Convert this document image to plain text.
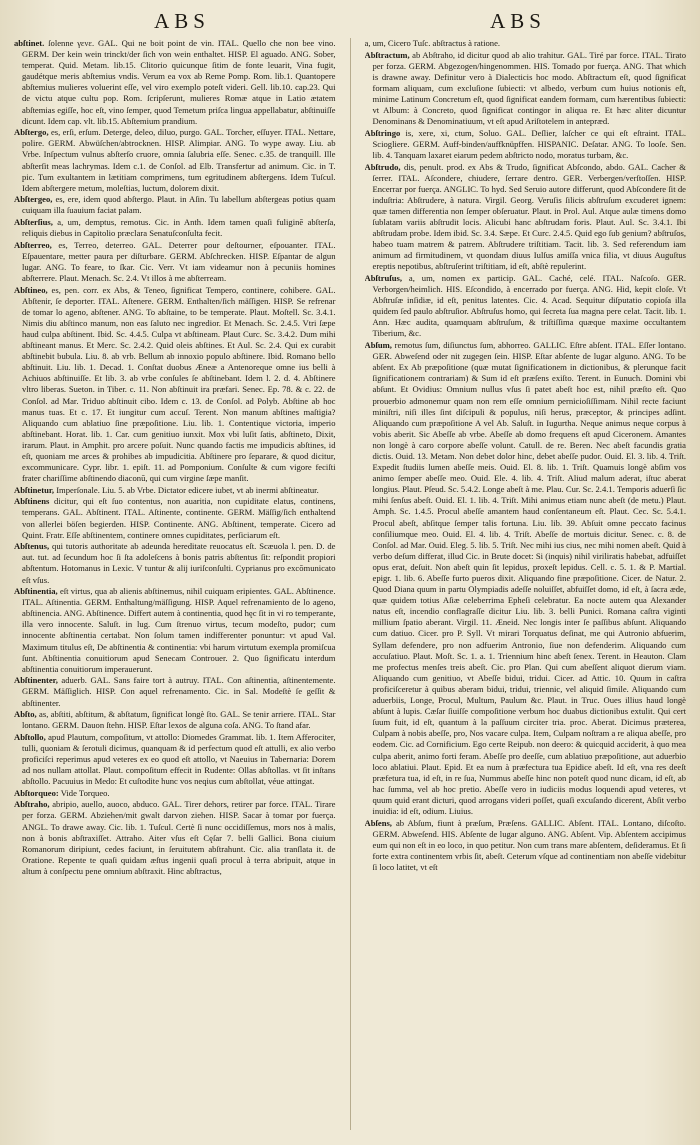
ABS	ABS

abſtinet. ſolenne γενε. GAL. Qui ne boit point de vin. ITAL. Quello che non bee vino. GERM. Der kein wein trinckt/der ſich von wein enthaltet. HISP. El aguado. ANG. Sober, temperat. Quid. Metam. lib.15. Clitorio quicunque ſitim de fonte leuarit, Vina fugit, gaudétque meris abſtemius vndis. Verum ea vox ab Reme Pomp. Rom. lib.1. Quantopere abſtemius mulieres voluerint eſſe, vel viro exemplo poteſt videri. Gell. lib.10. cap.23. Qui de victu atque cultu pop. Rom. ſcripſerunt, mulieres Romæ atque in Latio ætatem abſtemias egiſſe, hoc eſt, vino ſemper, quod Temetum priſca lingua appellabatur, abſtinuiſſe dicunt. Idem cap. vlt. lib.15. Abſtemium prandium.

Abſtergo, es, erſi, erſum. Deterge, deleo, diluo, purgo. GAL. Torcher, eſſuyer. ITAL. Nettare, polire. GERM. Abwüſchen/abtrocknen. HISP. Alimpiar. ANG. To wype away. Liu. ab Vrbe. Inſpectum vulnus abſterſo cruore, omnia ſalubria eſſe. Senec. c.35. de tranquill. Ille abſterſit meas lachrymas. Idem c.1. de Conſol. ad Elb. Transfertur ad animum. Cic. in T. pic. Tum exultantem in lætitiam comprimens, tum egritudinem abſtergens. Idem Tuſcul. Idem abſtergere metum, moleſtias, luctum, dolorem dixit.

Abſtergeo, es, ere, idem quod abſtergo. Plaut. in Aſin. Tu labellum abſtergeas potius quam cuiquam illa ſuauium faciat palam.

Abſterſius, a, um, demptus, remotus. Cic. in Anth. Idem tamen quaſi fuliginē abſterſa, reliquis diebus in Capitolio præclara Senatuſconſulta fecit.

Abſterreo, es, Terreo, deterreo. GAL. Deterrer pour deſtourner, eſpouanter. ITAL. Eſpauentare, metter paura per diſturbare. GERM. Abſchrecken. HISP. Eſpantar de algun lugar. ANG. To feare, to ſkar. Cic. Verr. Vt iam videamur non à pecuniis homines abſterrere. Plaut. Menach. Sc. 2.4. Vt illos à me abſterream.

Abſtineo, es, pen. corr. ex Abs, & Teneo, ſignificat Tempero, continere, cohibere. GAL. Abſtenir, ſe deporter. ITAL. Aſtenere. GERM. Enthalten/ſich mäſſigen. HISP. Se refrenar de tomar lo ageno, abſtener. ANG. To abſtaine, to be temperate. Plaut. Moſtell. Sc. 3.4.1. Nimis diu abſtinco manum, non eas ſaluto nec ingredior. Et Menach. Sc. 2.4.5. Vtri ſæpe haud culpa abſtinent. Ibid. Sc. 4.4.5. Culpa vt abſtineam. Plaut Curc. Sc. 3.4.2. Dum mihi abſtineant manus. Et Merc. Sc. 2.4.2. Quid oleis abſtines. Et Aul. Sc. 2.4. Qui ex curabit abſtinebit bubula. Liu. 8. ab vrb. Bellum ab innoxio populo abſtinere. Ibid. Romano bello abſtinuit. Liu. lib. 1. Decad. 1. Conſtat duobus Æneæ a Antenoreque omne ius belli à Achiuos abſtinuiſſe. Et lib. 3. ab vrbe conſules ſe abſtinebant. Idem l. 2. d. 4. Abſtinere vltro liberas. Sueton. in Tiber. c. 11. Non abſtinuit ira præfari. Senec. Ep. 78. & c. 22. de Conſol. ad Mar. Triduo abſtinuit cibo. Idem c. 13. de Conſol. ad Polyb. Abſtine ab hoc manus tuas. Et c. 17. Et iungitur cum accuſ. Terent. Non manum abſtines maſtigia? Aliquando cum ablatiuo ſine præpoſitione. Liu. lib. 1. Contentique victoria, imperio abſtinebant. Horat. lib. 1. Car. cum genitiuo iunxit. Mox vbi luſit ſatis, abſtineto, Dixit, irarum. Plaut. in Amphit. pro arcere poſuit. Nunc quando factis me impudicis abſtines, id eſt, quoniam me arces & prohibes ab impudicitia. Abſtinere pro ſeparare, & quod dicitur, excommunicare. Cypr. libr. 1. epiſt. 11. ad Pomponium. Conſulte & cum vigore feciſti frater chariſſime abſtinendo diaconū, qui cum virgine ſæpe manſit.

Abſtinetur, Imperſonale. Liu. 5. ab Vrbe. Dictator edicere iubet, vt ab inermi abſtineatur.

Abſtinens dicitur, qui eſt ſuo contentus, non auaritia, non cupiditate elatus, continens, temperans. GAL. Abſtinent. ITAL. Aſtinente, continente. GERM. Mäſſig/ſich enthaltend von allerlei böſen begierden. HISP. Continente. ANG. Abſtinent, temperate. Cicero ad Quint. Fratr. Eſſe abſtinentem, continere omnes cupiditates, perſiciarum eſt.

Abſtenus, qui tutoris authoritate ab adeunda hereditate reuocatus eſt. Scæuola l. pen. D. de aut. tut. ad ſecundum hoc ſi ſta adoleſcens à bonis patris abſtentus ſit: reſpondit propiori abſtentum. Hotomanus in Lexic. V tuntur & alij iuriſconſulti. Cyprianus pro excōmunicato eſt vſus.

Abſtinentia, eſt virtus, qua ab alienis abſtinemus, nihil cuiquam eripientes. GAL. Abſtinence. ITAL. Aſtinentia. GERM. Enthaltung/mäſſigung. HISP. Aquel refrenamiento de lo ageno, abſtinencia. ANG. Abſtinence. Differt autem à continentia, quod hęc ſit in vi ro temperante, illa vero innocente. Saluſt. in lug. Cum ſtrenuo virtus, tecum modeſto, pudor; cum innocente abſtinentia certabat. Non ſolum tamen indifferenter ponuntur: vt apud Val. Maximum titulus eſt, De abſtinentia & continentia: vbi harum virtutum exempla promiſcua ſunt. Abſtinentia conuitiorum apud Senecam Controuer. 2. Quo ſignificatu interdum abſtinentia conuitiorum imperauerunt.

Abſtinenter, aduerb. GAL. Sans faire tort à autruy. ITAL. Con aſtinentia, aſtinentemente. GERM. Mäſſiglich. HISP. Con aquel refrenamento. Cic. in Sal. Modeſtè ſe geſſit & abſtinenter.

Abſto, as, abſtiti, abſtitum, & abſtatum, ſignificat longè ſto. GAL. Se tenir arriere. ITAL. Star lontano. GERM. Dauon ſtehn. HISP. Eſtar lexos de alguna coſa. ANG. To ſtand afar.

Abſtollo, apud Plautum, compoſitum, vt attollo: Diomedes Grammat. lib. 1. Item Afferociter, tulli, quoniam & ſerotuli dicimus, quanquam & id perfectum quod eſt attulli, ex alio verbo proficiſci reperimus apud veteres ex eo quod eſt attollo, vt Naeuius in Tabernaria: Dorem ad nos nullam attollat. Plaut. compoſitum effecit in Rudente: Ollas abſtollas. vt ſit inſtans abſtollo. Pacuuius in Medo: Et cuſtodite hunc vos neqius cum abſtollat, véue attingat.

Abſtorqueo: Vide Torqueo.

Abſtraho, abripio, auello, auoco, abduco. GAL. Tirer dehors, retirer par force. ITAL. Tirare per forza. GERM. Abziehen/mit gwalt darvon ziehen. HISP. Sacar à tomar por fuerça. ANGL. To drawe away. Cic. lib. 1. Tuſcul. Certè ſi nunc occidiſſemus, mors nos à malis, non à bonis abſtraxiſſet. Attraho. Aiter vſus eſt Cęſar 7. belli Gallici. Bona ciuium Romanorum diripiunt, cedes faciunt, in ſeruitutem abſtrahunt. Cic. alia tranſlata it. de Oratione. Repente te quaſi quidam æſtus ingenii quaſi procul à terra abripuit, atque in altum à conſpectu pene omnium abſtraxit. Hinc abſtractus,

a, um, Cicero Tuſc. abſtractus à ratione.

Abſtractum, ab Abſtraho, id dicitur quod ab alio trahitur. GAL. Tiré par force. ITAL. Tirato per forza. GERM. Abgezogen/hingenommen. HIS. Tomado por fuerça. ANG. That which is drawne away. Definitur vero à Dialecticis hoc modo. Abſtractum eſt, quod ſignificat formam aliquam, cum excluſione ſubiecti: vt albedo, verbum cum huius notionis eſt, minime Latinum Concretum eſt, quod ſignificat eandem formam, cum hærentibus ſubiecti: vt Album: à Concreto, quod ſignificat contingor in aliqua re. Et hæc aliter dicuntur Denominans & Denominatiuum, vt eſt apud Ariſtotelem in antepræd.

Abſtringo is, xere, xi, ctum, Soluo. GAL. Deſlier, laſcher ce qui eſt eſtraint. ITAL. Sciogliere. GERM. Auff-binden/auffknüpffen. HISPANIC. Deſatar. ANG. To looſe. Sen. lib. 4. Tanquam laxaret eiarum pedem abſtricto nodo, moratus turbam, &c.

Abſtrudo, dis, penult. prod. ex Abs & Trudo, ſignificat Abſcondo, abdo. GAL. Cacher & ſerrer. ITAL. Aſcondere, chiudere, ſerrare dentro. GER. Verbergen/verſtoſſen. HISP. Encerrar por fuerça. ANGLIC. To hyd. Sed Seruio autore differunt, quod Abſcondere ſit de induſtria: Abſtrudere, à natura. Virgil. Georg. Veruſis ſilicis abſtruſum excuderet ignem: quæ tamen differentia non ſemper obſeruatur. Plaut. in Prol. Aul. Atque aulæ timens domo ſublatam variis abſtrudit locis. Alicubi hanc abſtrudam foris. Plaut. Aul. Sc. 3.4.1. Ibi abſtrudam probe. Idem ibid. Sc. 3.4. Sæpe. Et Curc. 2.4.5. Quid ego ſub genium? abſtruſos, habeo tuam matrem & patrem. Abſtrudere triſtitiam. Tacit. lib. 3. Sed referendum iam animum ad firmitudinem, vt quondam diuus Iulſus amiſſa vnica filia, vt diuus Auguſtus ereptis nepotibus, abſtruſerint triſtitiam, id eſt, abſtè repulerint.

Abſtruſus, a, um, nomen ex particip. GAL. Caché, celé. ITAL. Naſcoſo. GER. Verborgen/heimlich. HIS. Eſcondido, à encerrado por fuerça. ANG. Hid, kepit cloſe. Vt Abſtruſæ inſidiæ, id eſt, penitus latentes. Cic. 4. Acad. Sequitur diſputatio copioſa illa quidem ſed paulo abſtruſior. Abſtruſus homo, qui ſecreta ſua magna pere celat. Tacit. lib. 1. Ann. Hæc audita, quamquam abſtruſum, & triſtiſſima quæque maxime occultantem Tiberium, &c.

Abſum, remotus ſum, diſiunctus ſum, abhorreo. GALLIC. Eſtre abſent. ITAL. Eſſer lontano. GER. Abweſend oder nit zugegen ſein. HISP. Eſtar abſente de lugar alguno. ANG. To be abſent. Ex Ab præpoſitione (quæ mutat ſignificationem in dictionibus, & plerunque facit ſignificationem contrariam) & Sum id eſt præſens exiſto. Terent. in Eunuch. Domini vbi abſunt. Et Ovidius: Omnium nullus vſus ſi patet abeſt hoc est, nihil præſto eſt. Quo prouerbio admonemur quam non rem eſſe omnium pernicioſiſſimam. Nihil recte faciunt miniſtri, niſi illes ſint diſcipuli & populus, niſi herus, præceptor, & principes adſint. Aliquando cum præpoſitione A vel Ab. Saluſt. in Iugurtha. Neque animus neque corpus à vobis aberit. Sic Abeſſe ab vrbe. Abeſſe ab domo frequens eſt apud Ciceronem. Amantes non longè à caro corpore abeſſe volunt. Catull. de re. Beren. Nec abeſt facundis gratia dictis. Ouid. 13. Metam. Non debet dolor hinc, debet abeſſe pudor. Ouid. El. 3. lib. 4. Triſt. Expedit ſtudiis lumen abeſſe meis. Ouid. El. 8. lib. 1. Triſt. Quamuis longè abſim vos animo ſemper abeſſe meo. Ouid. Ele. 4. lib. 4. Triſt. Aliud malum aderat, iſtuc aberat longius. Plaut. Pſeud. Sc. 5.4.2. Longe abeſt à me. Plau. Cur. Sc. 2.4.1. Temporis aduerſi ſic mihi ſenſus abeſt. Ouid. El. 1. lib. 4. Triſt. Mihi animus etiam nunc abeſt (de metu.) Plaut. Amph. Sc. 1.4.5. Procul abeſſe amantem haud conſentaneum eſt. Plaut. Cec. Sc. 5.4.1. Procul abeſt, abſitque ſemper talis fortuna. Liu. lib. 39. Abſuit omne peccato facinus conſiliumque meo. Ouid. El. 4. lib. 4. Triſt. Abeſſe de mortuis dicitur. Senec. c. 8. de Conſol. ad Mar. Ouid. Eleg. 5. lib. 5. Triſt. Nec mihi ius cius, nec mihi nomen abeſt. Quid à verbo deſum differat, illud Cic. in Brute docet: Si (inquis) nihil viriliratis habebat, adfuiſſet opus erat, deſuit. Non abeſt quin ſit lepidus, proxeſt lepidus. Cell. c. 5. 1. & P. Martial. epigr. 1. lib. 6. Abeſſe furto pueros dixit. Aliquando fine præpoſitione. Cicer. de Natur. 2. Quod Diana quum in partu Olympiadis adeſſe noluiſſet, abfuiſſet domo, id eſt, à ſacra æde, quæ quidem totius Aſiæ celeberrima Epheſi celebratur. Ea nocte autem qua Alexander natus eſt, incendio conflagraſſe dicitur Liu. lib. 3. belli Punici. Romana caſtra viginti millium ſpatio aberant. Virgil. 11. Æneid. Nec longis inter ſe paſſibus abſunt. Aliquando cum datiuo. Cicer. pro P. Syll. Vt mirari Torquatus deſinat, me qui Autronio abfuerim, Syllam defendere, pro non adfuerim Antronio, ſiue non defenderim. Aliquando cum accuſatiuo. Plaut. Moſt. Sc. 1. a. 1. Triennium hinc abeſt ſenex. Terent. in Heauton. Clam me profectus menſes treis abeſt. Cic. pro Plan. Qui cum abeſſent aliquot dierum viam. Aliquando cum genitiuo, vt Abeſſe bidui, tridui. Cicer. ad Attic. 10. Quum in caſtra proficiſceretur à quibus aberam bidui, tridui, triennic, vel aliquid ſimile. Aliquando cum aduerbiis, Longe, Procul, Multum, Paulum &c. Plaut. in Truc. Oues illius haud longè abſunt à lupis. Cæſar ſiuiſſe compoſitione verbum hoc duabus dictionibus extulit. Qui cert ſuum fuit, id eſt, quantum à la paſſuum circiter tria. proc. Aberat. Dicimus præterea, Culpam à nobis abeſſe, pro, Nos vacare culpa. Item, Culpam noſtram a re aliqua abeſſe, pro eodem. Cic. ad Cornificium. Ego certe Reipub. non deero: & quicquid acciderit, à quo mea culpa aberit, animo forti feram. Abeſſe pro deeſſe, cum ablatiuo præpoſitione, aut aduerbio loco ablatiui. Plaut. Epid. Et ea num à præfectura tua Epidice abeſt. Id eſt, vna res deeſt præfetura tua, id eſt, in re ſua, Nummus abeſſe hinc non poteſt quod nunc dicam, id eſt, ab hac ſumma, vel ab hoc pretio. Abeſſe vero in iudiciis modus loquendi apud veteres, vt quum quid erant dicturi, quod arrogans videri poſſet, quaſi excuſando dicerent, Abſit verbo inuidia: id eſt, odium. Liuius.

Abſens, ab Abſum, fiunt à præſum, Præſens. GALLIC. Abſent. ITAL. Lontano, diſcoſto. GERM. Abweſend. HIS. Abſente de lugar alguno. ANG. Abſent. Vip. Abſentem accipimus eum qui non eſt in eo loco, in quo petitur. Non cum trans mare abſentem, deſideramus. Et ſi forte extra continentem vrbis ſit, abeſt. Ceterum vſque ad continentiam non abeſſe videbitur ſi loco latitet, vt eſt
